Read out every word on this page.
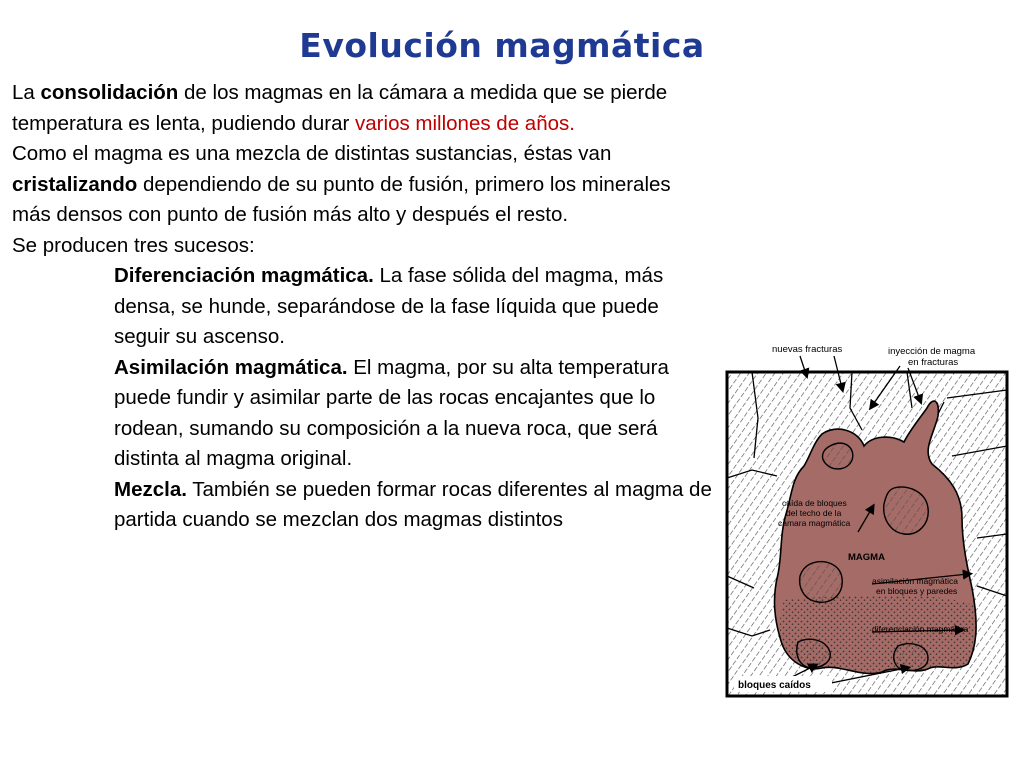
Evolución magmática

La consolidación de los magmas en la cámara a medida que se pierde temperatura es lenta, pudiendo durar varios millones de años.

Como el magma es una mezcla de distintas sustancias, éstas van cristalizando dependiendo de su punto de fusión, primero los minerales más densos con punto de fusión más alto y después el resto.

Se producen tres sucesos:

Diferenciación magmática. La fase sólida del magma, más densa, se hunde, separándose de la fase líquida que puede seguir su ascenso.

Asimilación magmática. El magma, por su alta temperatura puede fundir y asimilar parte de las rocas encajantes que lo rodean, sumando su composición a la nueva roca, que será distinta al magma original.

Mezcla. También se pueden formar rocas diferentes al magma de partida cuando se mezclan dos magmas distintos

nuevas fracturas	inyección de magma
en fracturas
caída de bloques
del techo de la
cámara magmática
asimilación magmática
en bloques y paredes
diferenciación magmática
MAGMA
bloques caídos
